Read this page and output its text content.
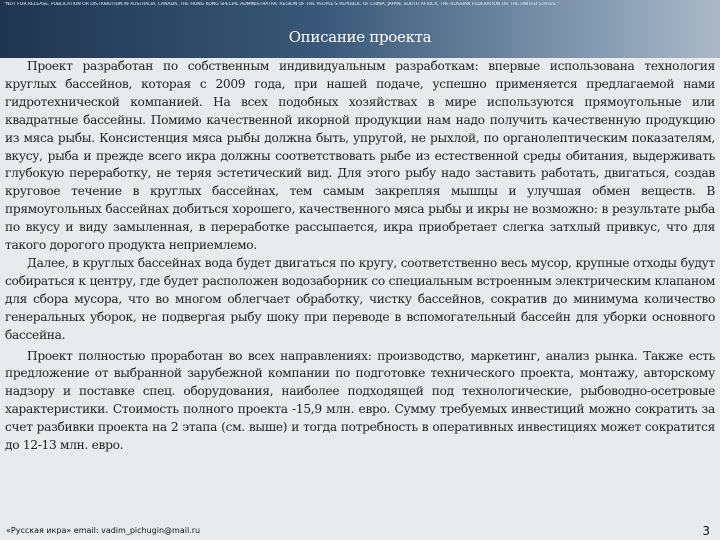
"NOT FOR RELEASE, PUBLICATION OR DISTRIBUTION IN AUSTRALIA, CANADA, THE HONG KONG SPECIAL ADMINISTRATIVE REGION OF THE PEOPLE'S REPUBLIC OF CHINA, JAPAN, SOUTH AFRICA, THE RUSSIAN FEDERATION OR THE UNITED STATES."
Описание проекта

Проект разработан по собственным индивидуальным разработкам: впервые использована технология круглых бассейнов, которая с 2009 года, при нашей подаче, успешно применяется предлагаемой нами гидротехнической компанией. На всех подобных хозяйствах в мире используются прямоугольные или квадратные бассейны. Помимо качественной икорной продукции нам надо получить качественную продукцию из мяса рыбы. Консистенция мяса рыбы должна быть, упругой, не рыхлой, по органолептическим показателям, вкусу, рыба и прежде всего икра должны соответствовать рыбе из естественной среды обитания, выдерживать глубокую переработку, не теряя эстетический вид. Для этого рыбу надо заставить работать, двигаться, создав круговое течение в круглых бассейнах, тем самым закрепляя мышцы и улучшая обмен веществ. В прямоугольных бассейнах добиться хорошего, качественного мяса рыбы и икры не возможно: в результате рыба по вкусу и виду замыленная, в переработке рассыпается, икра приобретает слегка затхлый привкус, что для такого дорогого продукта неприемлемо.

Далее, в круглых бассейнах вода будет двигаться по кругу, соответственно весь мусор, крупные отходы будут собираться к центру, где будет расположен водозаборник со специальным встроенным электрическим клапаном для сбора мусора, что во многом облегчает обработку, чистку бассейнов, сократив до минимума количество генеральных уборок, не подвергая рыбу шоку при переводе в вспомогательный бассейн для уборки основного бассейна.

Проект полностью проработан во всех направлениях: производство, маркетинг, анализ рынка. Также есть предложение от выбранной зарубежной компании по подготовке технического проекта, монтажу, авторскому надзору и поставке спец. оборудования, наиболее подходящей под технологические, рыбоводно-осетровые характеристики. Стоимость полного проекта -15,9 млн. евро. Сумму требуемых инвестиций можно сократить за счет разбивки проекта на 2 этапа (см. выше) и тогда потребность в оперативных инвестициях может сократится до 12-13 млн. евро.

«Русская икра» email: vadim_pichugin@mail.ru	3
